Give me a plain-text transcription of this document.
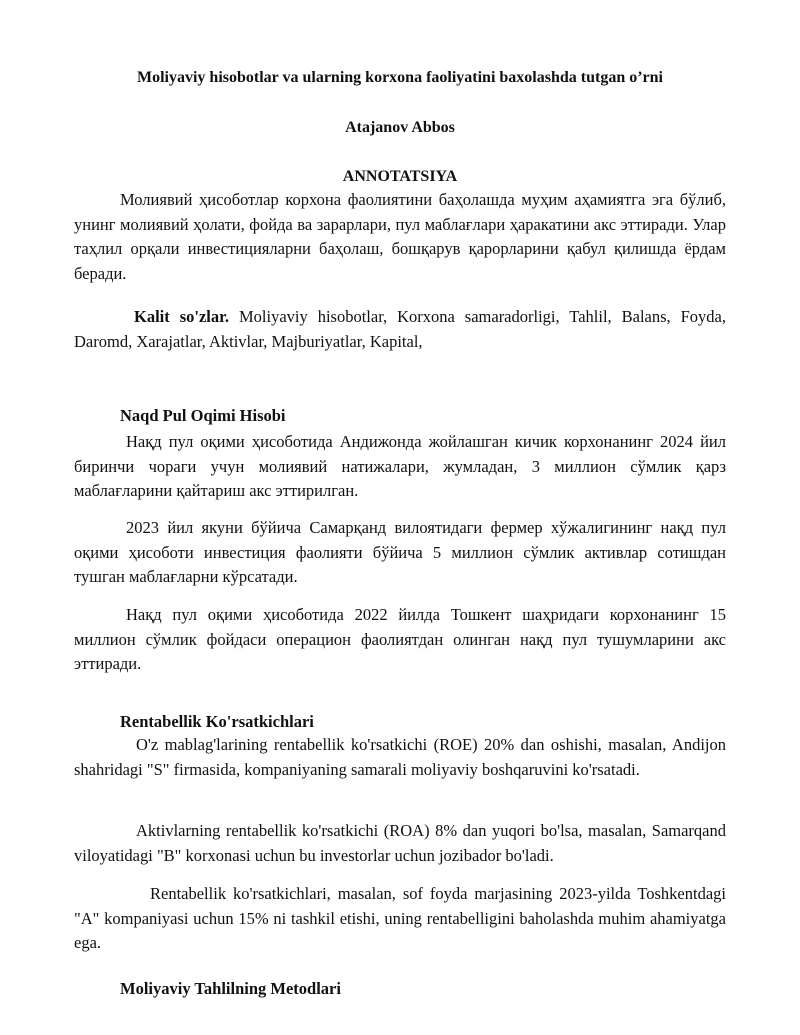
Moliyaviy hisobotlar va ularning korxona faoliyatini baxolashda tutgan o’rni
Atajanov Abbos
ANNOTATSIYA
Молиявий ҳисоботлар корхона фаолиятини баҳолашда муҳим аҳамиятга эга бўлиб, унинг молиявий ҳолати, фойда ва зарарлари, пул маблағлари ҳаракатини акс эттиради. Улар таҳлил орқали инвестицияларни баҳолаш, бошқарув қарорларини қабул қилишда ёрдам беради.
Kalit so'zlar. Moliyaviy hisobotlar, Korxona samaradorligi, Tahlil, Balans, Foyda, Daromd, Xarajatlar, Aktivlar, Majburiyatlar, Kapital,
Naqd Pul Oqimi Hisobi
Нақд пул оқими ҳисоботида Андижонда жойлашган кичик корхонанинг 2024 йил биринчи чораги учун молиявий натижалари, жумладан, 3 миллион сўмлик қарз маблағларини қайтариш акс эттирилган.
2023 йил якуни бўйича Самарқанд вилоятидаги фермер хўжалигининг нақд пул оқими ҳисоботи инвестиция фаолияти бўйича 5 миллион сўмлик активлар сотишдан тушган маблағларни кўрсатади.
Нақд пул оқими ҳисоботида 2022 йилда Тошкент шаҳридаги корхонанинг 15 миллион сўмлик фойдаси операцион фаолиятдан олинган нақд пул тушумларини акс эттиради.
Rentabellik Ko'rsatkichlari
O'z mablag'larining rentabellik ko'rsatkichi (ROE) 20% dan oshishi, masalan, Andijon shahridagi "S" firmasida, kompaniyaning samarali moliyaviy boshqaruvini ko'rsatadi.
Aktivlarning rentabellik ko'rsatkichi (ROA) 8% dan yuqori bo'lsa, masalan, Samarqand viloyatidagi "B" korxonasi uchun bu investorlar uchun jozibador bo'ladi.
Rentabellik ko'rsatkichlari, masalan, sof foyda marjasining 2023-yilda Toshkentdagi "A" kompaniyasi uchun 15% ni tashkil etishi, uning rentabelligini baholashda muhim ahamiyatga ega.
Moliyaviy Tahlilning Metodlari
